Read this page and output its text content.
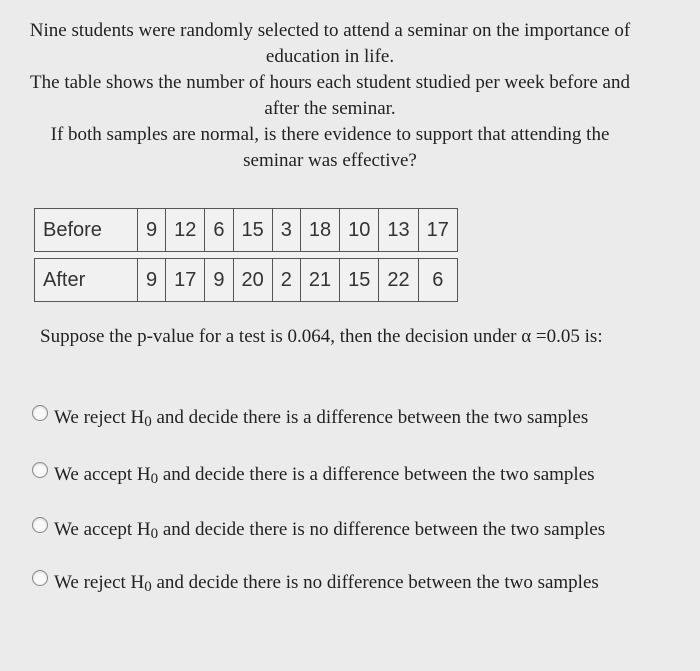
Nine students were randomly selected to attend a seminar on the importance of education in life.

The table shows the number of hours each student studied per week before and after the seminar.

If both samples are normal, is there evidence to support that attending the seminar was effective?

Before	9	12	6	15	3	18	10	13	17

After	9	17	9	20	2	21	15	22	6
Suppose the p-value for a test is 0.064, then the decision under α =0.05 is:
We reject H0 and decide there is a difference between the two samples
We accept H0 and decide there is a difference between the two samples
We accept H0 and decide there is no difference between the two samples
We reject H0 and decide there is no difference between the two samples
